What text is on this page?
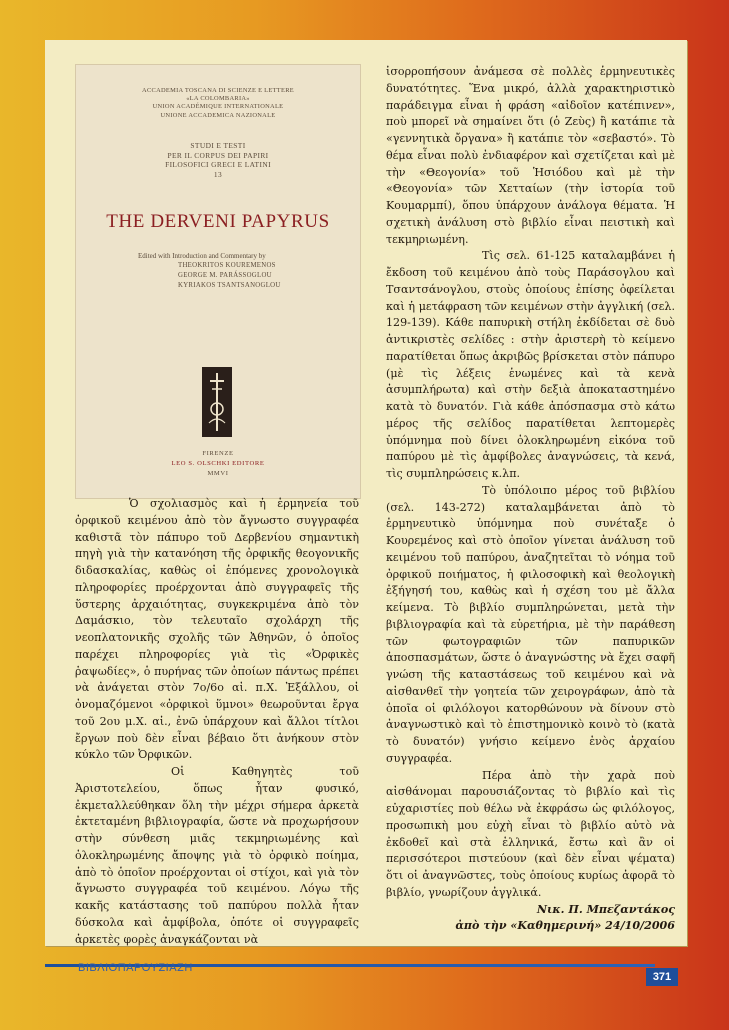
ACCADEMIA TOSCANA DI SCIENZE E LETTERE
«LA COLOMBARIA»
UNION ACADÉMIQUE INTERNATIONALE
UNIONE ACCADEMICA NAZIONALE
STUDI E TESTI
PER IL CORPUS DEI PAPIRI
FILOSOFICI GRECI E LATINI
13
THE DERVENI PAPYRUS
Edited with Introduction and Commentary by
THEOKRITOS KOUREMENOS
GEORGE M. PARÁSSOGLOU
KYRIAKOS TSANTSANOGLOU
FIRENZE
LEO S. OLSCHKI EDITORE
MMVI

ἰσορροπήσουν ἀνάμεσα σὲ πολλὲς ἑρμηνευτικὲς δυνατότητες. Ἕνα μικρό, ἀλλὰ χαρακτηριστικὸ παράδειγμα εἶναι ἡ φράση «αἰδοῖον κατέπινεν», ποὺ μπορεῖ νὰ σημαίνει ὅτι (ὁ Ζεὺς) ἢ κατάπιε τὰ «γεννητικὰ ὄργανα» ἢ κατάπιε τὸν «σεβαστό». Τὸ θέμα εἶναι πολὺ ἐνδιαφέρον καὶ σχετίζεται καὶ μὲ τὴν «Θεογονία» τοῦ Ἡσιόδου καὶ μὲ τὴν «Θεογονία» τῶν Χετταίων (τὴν ἱστορία τοῦ Κουμαρμπί), ὅπου ὑπάρχουν ἀνάλογα θέματα. Ἡ σχετικὴ ἀνάλυση στὸ βιβλίο εἶναι πειστικὴ καὶ τεκμηριωμένη.

Τὶς σελ. 61-125 καταλαμβάνει ἡ ἔκδοση τοῦ κειμένου ἀπὸ τοὺς Παράσογλου καὶ Τσαντσάνογλου, στοὺς ὁποίους ἐπίσης ὀφείλεται καὶ ἡ μετάφραση τῶν κειμένων στὴν ἀγγλική (σελ. 129-139). Κάθε παπυρικὴ στήλη ἐκδίδεται σὲ δυὸ ἀντικριστὲς σελίδες : στὴν ἀριστερὴ τὸ κείμενο παρατίθεται ὅπως ἀκριβῶς βρίσκεται στὸν πάπυρο (μὲ τὶς λέξεις ἑνωμένες καὶ τὰ κενὰ ἀσυμπλήρωτα) καὶ στὴν δεξιὰ ἀποκαταστημένο κατὰ τὸ δυνατόν. Γιὰ κάθε ἀπόσπασμα στὸ κάτω μέρος τῆς σελίδος παρατίθεται λεπτομερὲς ὑπόμνημα ποὺ δίνει ὁλοκληρωμένη εἰκόνα τοῦ παπύρου μὲ τὶς ἀμφίβολες ἀναγνώσεις, τὰ κενά, τὶς συμπληρώσεις κ.λπ.

Τὸ ὑπόλοιπο μέρος τοῦ βιβλίου (σελ. 143-272) καταλαμβάνεται ἀπὸ τὸ ἑρμηνευτικὸ ὑπόμνημα ποὺ συνέταξε ὁ Κουρεμένος καὶ στὸ ὁποῖον γίνεται ἀνάλυση τοῦ κειμένου τοῦ παπύρου, ἀναζητεῖται τὸ νόημα τοῦ ὀρφικοῦ ποιήματος, ἡ φιλοσοφικὴ καὶ θεολογικὴ ἐξήγησή του, καθὼς καὶ ἡ σχέση του μὲ ἄλλα κείμενα. Τὸ βιβλίο συμπληρώνεται, μετὰ τὴν βιβλιογραφία καὶ τὰ εὑρετήρια, μὲ τὴν παράθεση τῶν φωτογραφιῶν τῶν παπυρικῶν ἀποσπασμάτων, ὥστε ὁ ἀναγνώστης νὰ ἔχει σαφῆ γνώση τῆς καταστάσεως τοῦ κειμένου καὶ νὰ αἰσθανθεῖ τὴν γοητεία τῶν χειρογράφων, ἀπὸ τὰ ὁποῖα οἱ φιλόλογοι κατορθώνουν νὰ δίνουν στὸ ἀναγνωστικὸ καὶ τὸ ἐπιστημονικὸ κοινὸ τὸ (κατὰ τὸ δυνατόν) γνήσιο κείμενο ἑνὸς ἀρχαίου συγγραφέα.

Πέρα ἀπὸ τὴν χαρὰ ποὺ αἰσθάνομαι παρουσιάζοντας τὸ βιβλίο καὶ τὶς εὐχαριστίες ποὺ θέλω νὰ ἐκφράσω ὡς φιλόλογος, προσωπικὴ μου εὐχὴ εἶναι τὸ βιβλίο αὐτὸ νὰ ἐκδοθεῖ καὶ στὰ ἑλληνικά, ἔστω καὶ ἂν οἱ περισσότεροι πιστεύουν (καὶ δὲν εἶναι ψέματα) ὅτι οἱ ἀναγνῶστες, τοὺς ὁποίους κυρίως ἀφορᾶ τὸ βιβλίο, γνωρίζουν ἀγγλικά.

Νικ. Π. Μπεζαντάκος

ἀπὸ τὴν «Καθημερινή» 24/10/2006

Ὁ σχολιασμὸς καὶ ἡ ἑρμηνεία τοῦ ὀρφικοῦ κειμένου ἀπὸ τὸν ἄγνωστο συγγραφέα καθιστᾶ τὸν πάπυρο τοῦ Δερβενίου σημαντικὴ πηγὴ γιὰ τὴν κατανόηση τῆς ὀρφικῆς θεογονικῆς διδασκαλίας, καθὼς οἱ ἑπόμενες χρονολογικὰ πληροφορίες προέρχονται ἀπὸ συγγραφεῖς τῆς ὕστερης ἀρχαιότητας, συγκεκριμένα ἀπὸ τὸν Δαμάσκιο, τὸν τελευταῖο σχολάρχη τῆς νεοπλατονικῆς σχολῆς τῶν Ἀθηνῶν, ὁ ὁποῖος παρέχει πληροφορίες γιὰ τὶς «Ὀρφικὲς ῥαψωδίες», ὁ πυρήνας τῶν ὁποίων πάντως πρέπει νὰ ἀνάγεται στὸν 7ο/6ο αἰ. π.Χ. Ἐξάλλου, οἱ ὀνομαζόμενοι «ὀρφικοὶ ὕμνοι» θεωροῦνται ἔργα τοῦ 2ου μ.Χ. αἰ., ἐνῶ ὑπάρχουν καὶ ἄλλοι τίτλοι ἔργων ποὺ δὲν εἶναι βέβαιο ὅτι ἀνήκουν στὸν κύκλο τῶν Ὀρφικῶν.

Οἱ Καθηγητὲς τοῦ Ἀριστοτελείου, ὅπως ἦταν φυσικό, ἐκμεταλλεύθηκαν ὅλη τὴν μέχρι σήμερα ἀρκετὰ ἐκτεταμένη βιβλιογραφία, ὥστε νὰ προχωρήσουν στὴν σύνθεση μιᾶς τεκμηριωμένης καὶ ὁλοκληρωμένης ἄποψης γιὰ τὸ ὀρφικὸ ποίημα, ἀπὸ τὸ ὁποῖον προέρχονται οἱ στίχοι, καὶ γιὰ τὸν ἄγνωστο συγγραφέα τοῦ κειμένου. Λόγω τῆς κακῆς κατάστασης τοῦ παπύρου πολλὰ ἦταν δύσκολα καὶ ἀμφίβολα, ὁπότε οἱ συγγραφεῖς ἀρκετὲς φορὲς ἀναγκάζονται νὰ

ΒΙΒΛΙΟΠΑΡΟΥΣΙΑΣΗ
371
